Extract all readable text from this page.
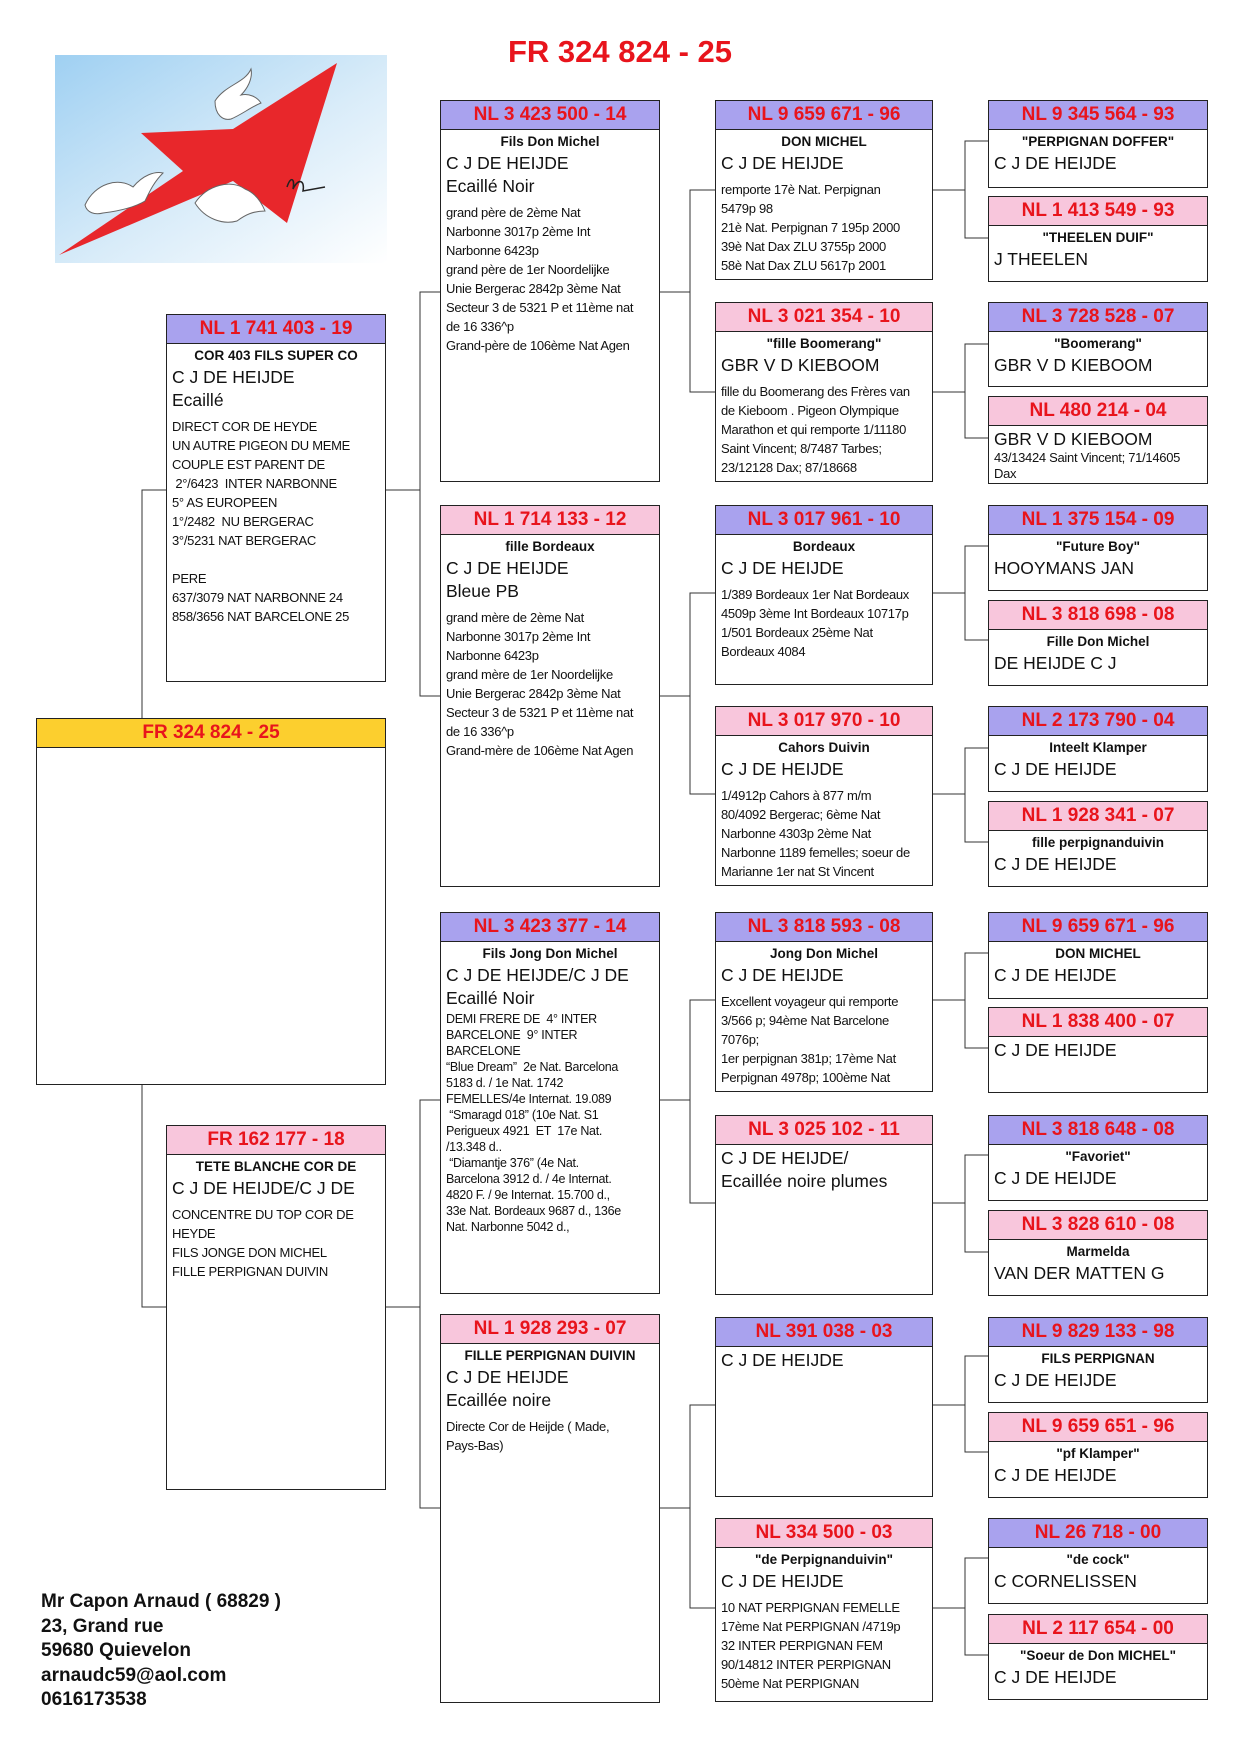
FR 324 824 - 25
FR 324 824 - 25
NL 1 741 403 - 19
COR 403 FILS SUPER CO
C J DE HEIJDE
Ecaillé
DIRECT COR DE HEYDE
UN AUTRE PIGEON DU MEME
COUPLE EST PARENT DE
2°/6423  INTER NARBONNE
5° AS EUROPEEN
1°/2482  NU BERGERAC
3°/5231 NAT BERGERAC

PERE
637/3079 NAT NARBONNE 24
858/3656 NAT BARCELONE 25
FR 162 177 - 18
TETE BLANCHE COR DE
C J DE HEIJDE/C J DE
CONCENTRE DU TOP COR DE
HEYDE
FILS JONGE DON MICHEL
FILLE PERPIGNAN DUIVIN
NL 3 423 500 - 14
Fils Don Michel
C J DE HEIJDE
Ecaillé Noir
grand père de 2ème Nat
Narbonne 3017p 2ème Int
Narbonne 6423p
grand père de 1er Noordelijke
Unie Bergerac 2842p 3ème Nat
Secteur 3 de 5321 P et 11ème nat
de 16 336^p
Grand-père de 106ème Nat Agen
NL 1 714 133 - 12
fille Bordeaux
C J DE HEIJDE
Bleue PB
grand mère de 2ème Nat
Narbonne 3017p 2ème Int
Narbonne 6423p
grand mère de 1er Noordelijke
Unie Bergerac 2842p 3ème Nat
Secteur 3 de 5321 P et 11ème nat
de 16 336^p
Grand-mère de 106ème Nat Agen
NL 3 423 377 - 14
Fils Jong Don Michel
C J DE HEIJDE/C J DE
Ecaillé Noir
DEMI FRERE DE  4° INTER
BARCELONE  9° INTER
BARCELONE
“Blue Dream”  2e Nat. Barcelona
5183 d. / 1e Nat. 1742
FEMELLES/4e Internat. 19.089
“Smaragd 018” (10e Nat. S1
Perigueux 4921  ET  17e Nat.
/13.348 d..
“Diamantje 376” (4e Nat.
Barcelona 3912 d. / 4e Internat.
4820 F. / 9e Internat. 15.700 d.,
33e Nat. Bordeaux 9687 d., 136e
Nat. Narbonne 5042 d.,
NL 1 928 293 - 07
FILLE PERPIGNAN DUIVIN
C J DE HEIJDE
Ecaillée noire
Directe Cor de Heijde ( Made,
Pays-Bas)
NL 9 659 671 - 96
DON MICHEL
C J DE HEIJDE
remporte 17è Nat. Perpignan
5479p 98
21è Nat. Perpignan 7 195p 2000
39è Nat Dax ZLU 3755p 2000
58è Nat Dax ZLU 5617p 2001
NL 3 021 354 - 10
"fille Boomerang"
GBR V D KIEBOOM
fille du Boomerang des Frères van
de Kieboom . Pigeon Olympique
Marathon et qui remporte 1/11180
Saint Vincent; 8/7487 Tarbes;
23/12128 Dax; 87/18668
NL 3 017 961 - 10
Bordeaux
C J DE HEIJDE
1/389 Bordeaux 1er Nat Bordeaux
4509p 3ème Int Bordeaux 10717p
1/501 Bordeaux 25ème Nat
Bordeaux 4084
NL 3 017 970 - 10
Cahors Duivin
C J DE HEIJDE
1/4912p Cahors à 877 m/m
80/4092 Bergerac; 6ème Nat
Narbonne 4303p 2ème Nat
Narbonne 1189 femelles; soeur de
Marianne 1er nat St Vincent
NL 3 818 593 - 08
Jong Don Michel
C J DE HEIJDE
Excellent voyageur qui remporte
3/566 p; 94ème Nat Barcelone
7076p;
1er perpignan 381p; 17ème Nat
Perpignan 4978p; 100ème Nat
NL 3 025 102 - 11
C J DE HEIJDE/
Ecaillée noire plumes
NL 391 038 - 03
C J DE HEIJDE
NL 334 500 - 03
"de Perpignanduivin"
C J DE HEIJDE
10 NAT PERPIGNAN FEMELLE
17ème Nat PERPIGNAN /4719p
32 INTER PERPIGNAN FEM
90/14812 INTER PERPIGNAN
50ème Nat PERPIGNAN
NL 9 345 564 - 93
"PERPIGNAN DOFFER"
C J DE HEIJDE
NL 1 413 549 - 93
"THEELEN DUIF"
J THEELEN
NL 3 728 528 - 07
"Boomerang"
GBR V D KIEBOOM
NL 480 214 - 04
GBR V D KIEBOOM
43/13424 Saint Vincent; 71/14605
Dax
NL 1 375 154 - 09
"Future Boy"
HOOYMANS JAN
NL 3 818 698 - 08
Fille Don Michel
DE HEIJDE C J
NL 2 173 790 - 04
Inteelt Klamper
C J DE HEIJDE
NL 1 928 341 - 07
fille perpignanduivin
C J DE HEIJDE
NL 9 659 671 - 96
DON MICHEL
C J DE HEIJDE
NL 1 838 400 - 07
C J DE HEIJDE
NL 3 818 648 - 08
"Favoriet"
C J DE HEIJDE
NL 3 828 610 - 08
Marmelda
VAN DER MATTEN G
NL 9 829 133 - 98
FILS PERPIGNAN
C J DE HEIJDE
NL 9 659 651 - 96
"pf Klamper"
C J DE HEIJDE
NL 26 718 - 00
"de cock"
C CORNELISSEN
NL 2 117 654 - 00
"Soeur de Don MICHEL"
C J DE HEIJDE
Mr Capon Arnaud ( 68829 )
23, Grand rue
59680 Quievelon
arnaudc59@aol.com
0616173538
